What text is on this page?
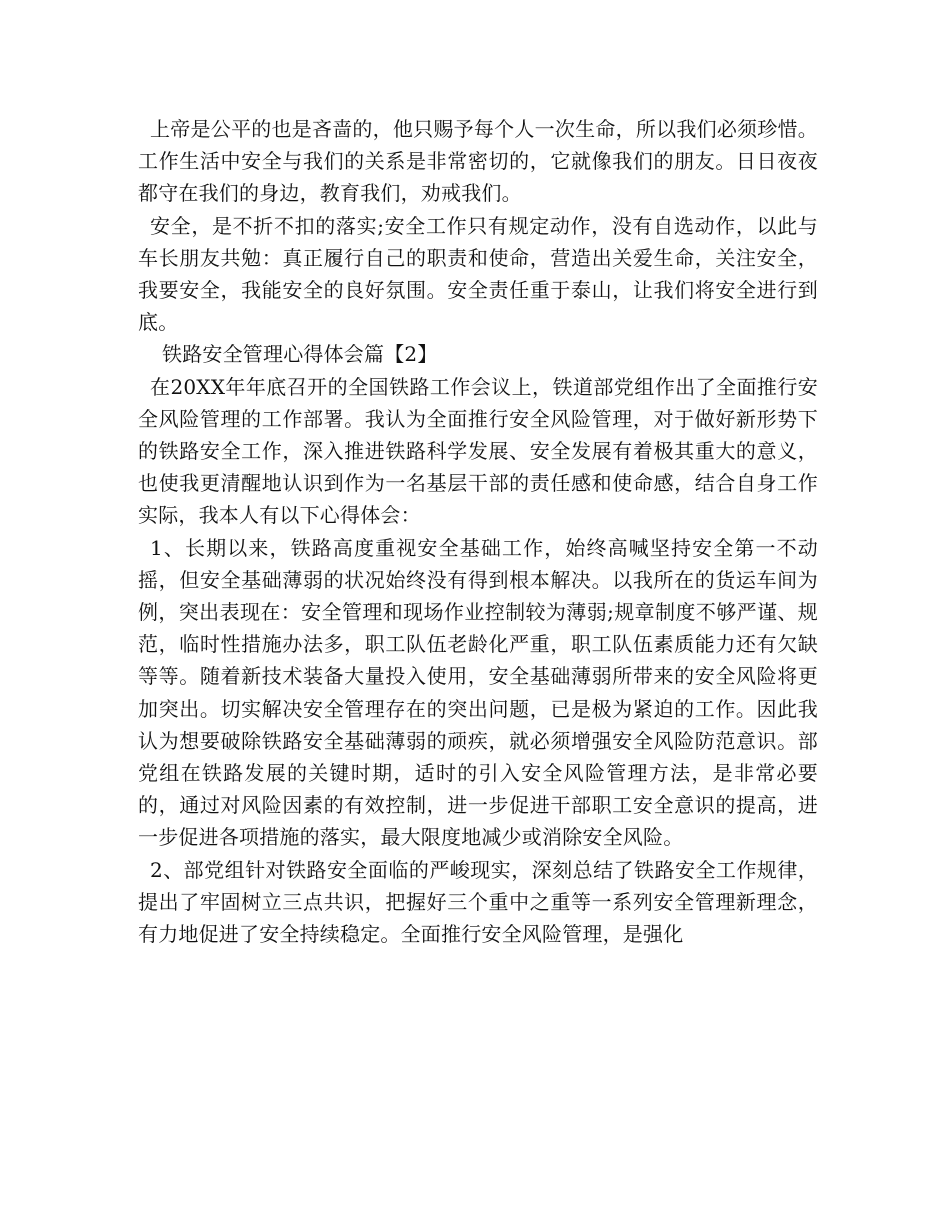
上帝是公平的也是吝啬的，他只赐予每个人一次生命，所以我们必须珍惜。工作生活中安全与我们的关系是非常密切的，它就像我们的朋友。日日夜夜都守在我们的身边，教育我们，劝戒我们。

安全，是不折不扣的落实;安全工作只有规定动作，没有自选动作，以此与车长朋友共勉：真正履行自己的职责和使命，营造出关爱生命，关注安全，我要安全，我能安全的良好氛围。安全责任重于泰山，让我们将安全进行到底。

铁路安全管理心得体会篇【2】

在20XX年年底召开的全国铁路工作会议上，铁道部党组作出了全面推行安全风险管理的工作部署。我认为全面推行安全风险管理，对于做好新形势下的铁路安全工作，深入推进铁路科学发展、安全发展有着极其重大的意义，也使我更清醒地认识到作为一名基层干部的责任感和使命感，结合自身工作实际，我本人有以下心得体会：

1、长期以来，铁路高度重视安全基础工作，始终高喊坚持安全第一不动摇，但安全基础薄弱的状况始终没有得到根本解决。以我所在的货运车间为例，突出表现在：安全管理和现场作业控制较为薄弱;规章制度不够严谨、规范，临时性措施办法多，职工队伍老龄化严重，职工队伍素质能力还有欠缺等等。随着新技术装备大量投入使用，安全基础薄弱所带来的安全风险将更加突出。切实解决安全管理存在的突出问题，已是极为紧迫的工作。因此我认为想要破除铁路安全基础薄弱的顽疾，就必须增强安全风险防范意识。部党组在铁路发展的关键时期，适时的引入安全风险管理方法，是非常必要的，通过对风险因素的有效控制，进一步促进干部职工安全意识的提高，进一步促进各项措施的落实，最大限度地减少或消除安全风险。

2、部党组针对铁路安全面临的严峻现实，深刻总结了铁路安全工作规律，提出了牢固树立三点共识，把握好三个重中之重等一系列安全管理新理念，有力地促进了安全持续稳定。全面推行安全风险管理，是强化
